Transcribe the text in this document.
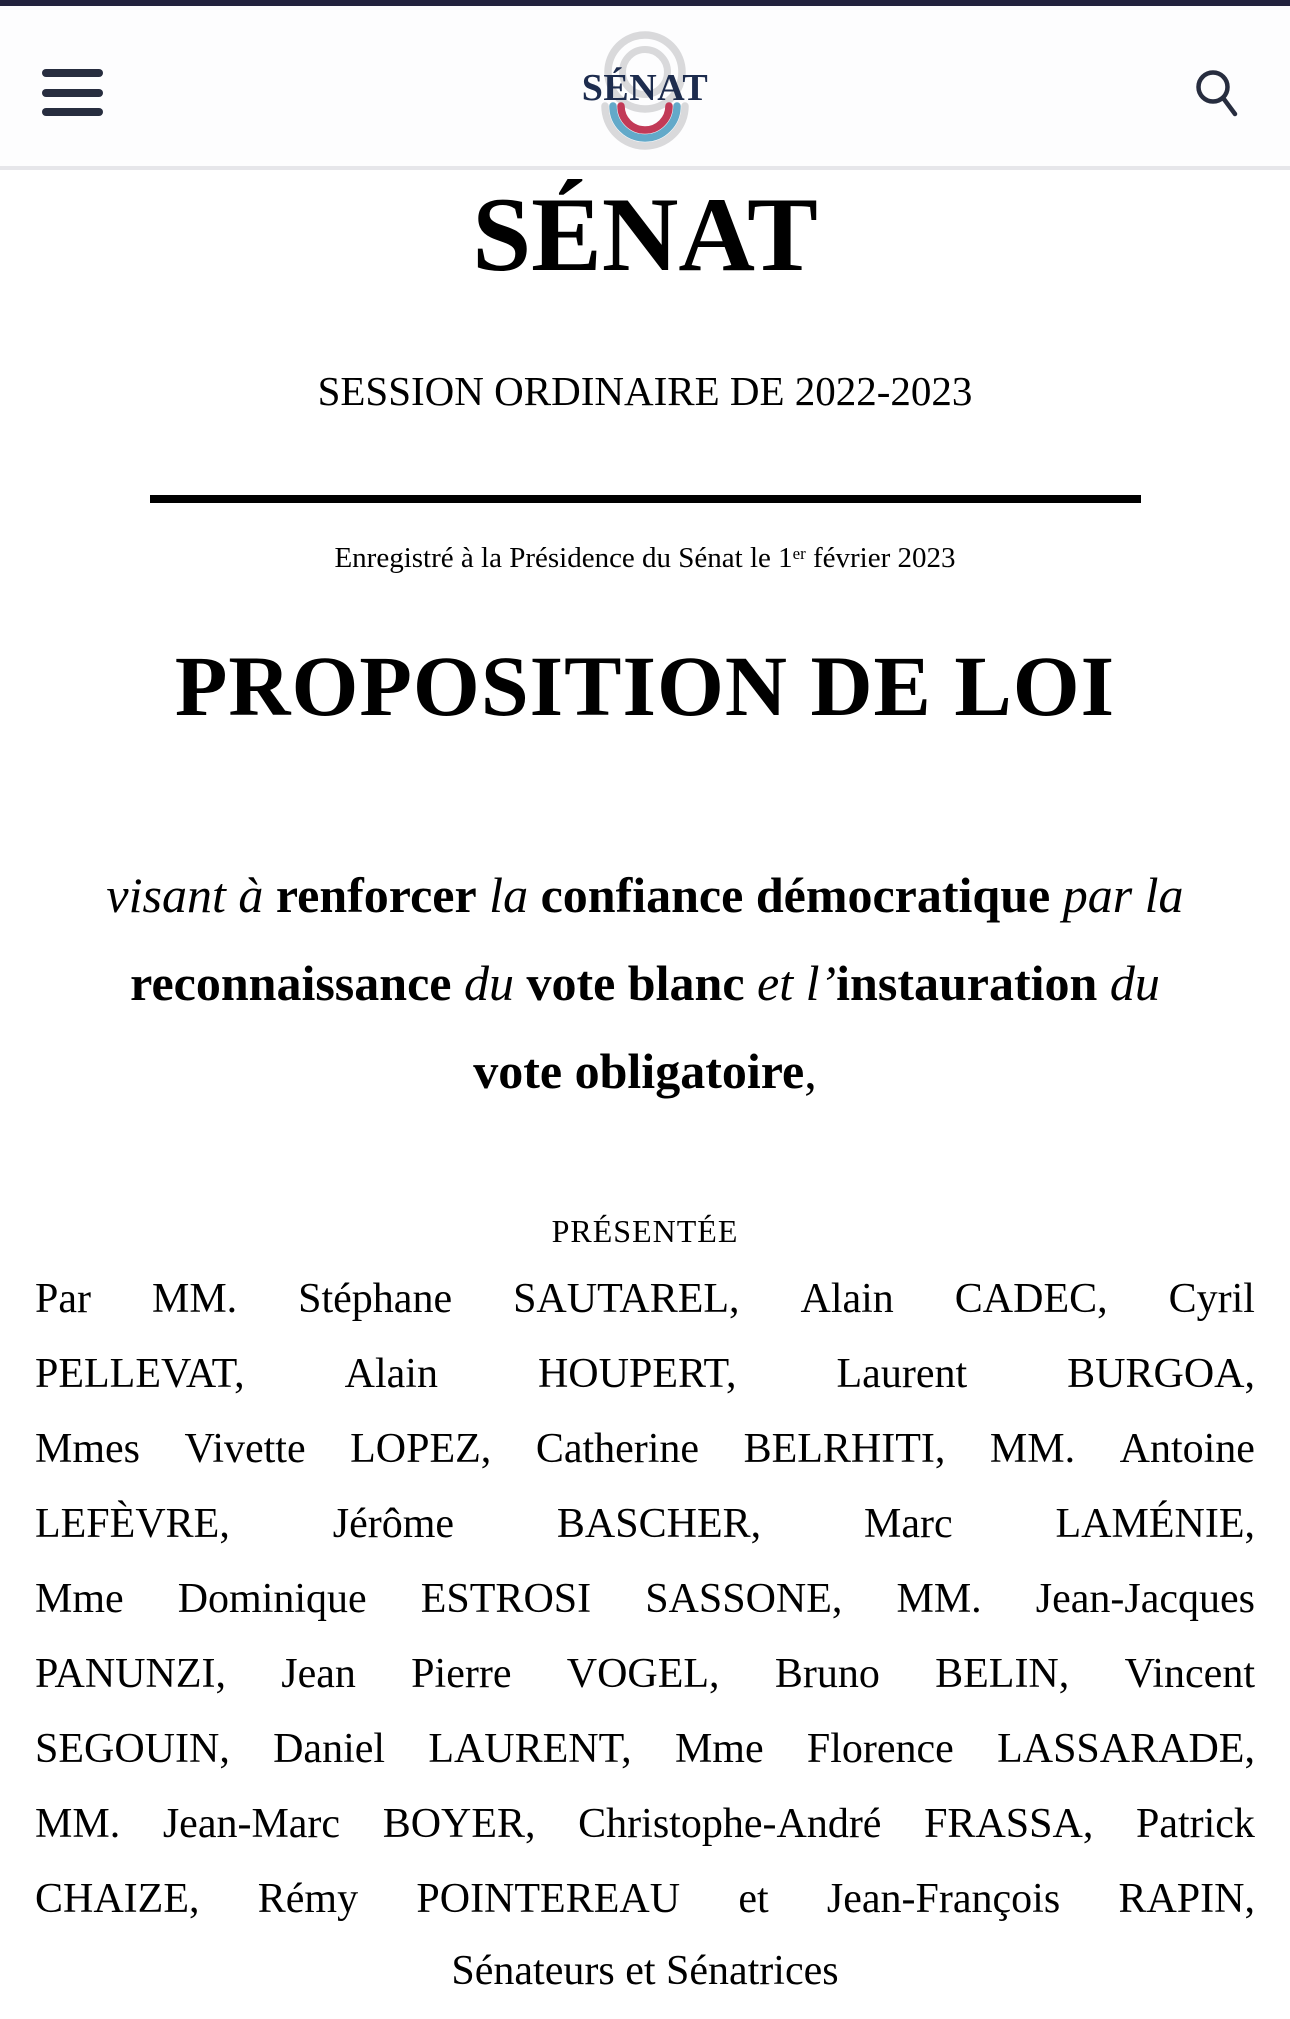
SÉNAT
SÉNAT
SESSION ORDINAIRE DE 2022-2023
Enregistré à la Présidence du Sénat le 1er février 2023
PROPOSITION DE LOI
visant à renforcer la confiance démocratique par la
reconnaissance du vote blanc et l’instauration du
vote obligatoire,
PRÉSENTÉE
Par MM. Stéphane SAUTAREL, Alain CADEC, Cyril
PELLEVAT, Alain HOUPERT, Laurent BURGOA,
Mmes Vivette LOPEZ, Catherine BELRHITI, MM. Antoine
LEFÈVRE, Jérôme BASCHER, Marc LAMÉNIE,
Mme Dominique ESTROSI SASSONE, MM. Jean-Jacques
PANUNZI, Jean Pierre VOGEL, Bruno BELIN, Vincent
SEGOUIN, Daniel LAURENT, Mme Florence LASSARADE,
MM. Jean-Marc BOYER, Christophe-André FRASSA, Patrick
CHAIZE, Rémy POINTEREAU et Jean-François RAPIN,
Sénateurs et Sénatrices
